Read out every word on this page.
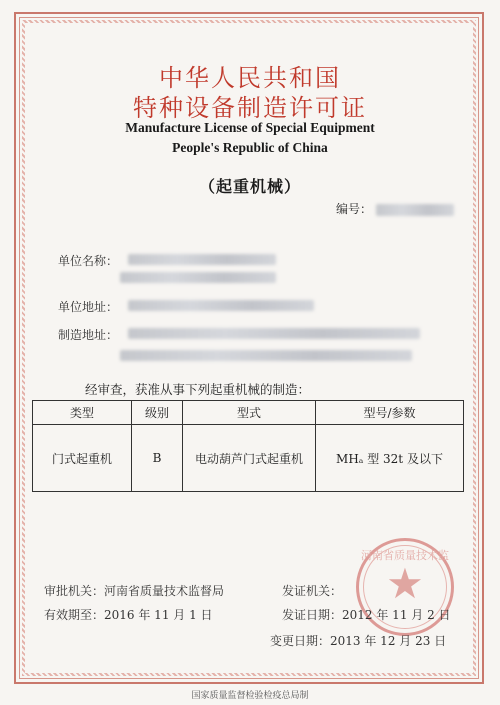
中华人民共和国
特种设备制造许可证
Manufacture License of Special Equipment
People's Republic of China
（起重机械）
编号：
单位名称：
单位地址：
制造地址：
经审查，获准从事下列起重机械的制造：
类型	级别	型式	型号/参数
门式起重机	B	电动葫芦门式起重机	MHₐ 型 32t 及以下
河南省质量技术监
★
审批机关：河南省质量技术监督局	发证机关：
有效期至：2016 年 11 月 1 日	发证日期：2012 年 11 月 2 日
变更日期：2013 年 12 月 23 日
国家质量监督检验检疫总局制
